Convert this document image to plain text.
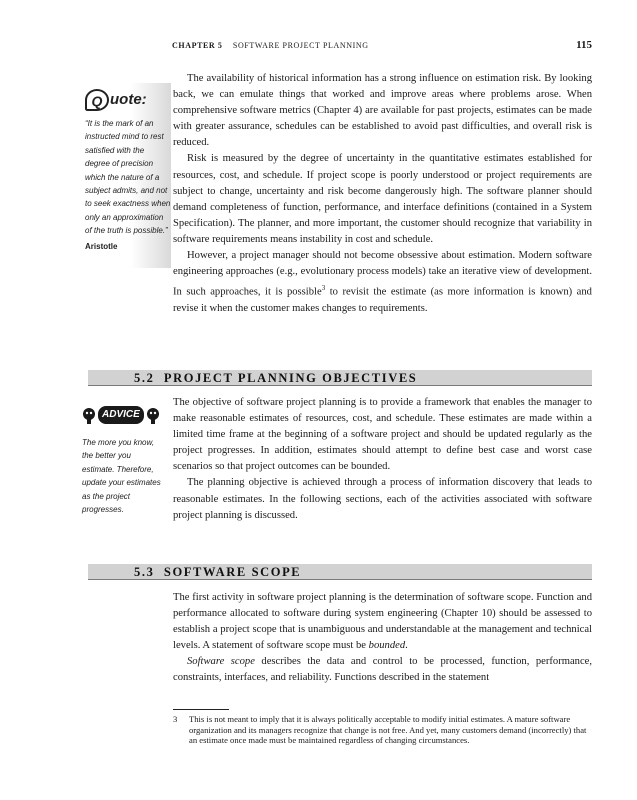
CHAPTER 5 SOFTWARE PROJECT PLANNING	115
Q uote:
“It is the mark of an instructed mind to rest satisfied with the degree of precision which the nature of a subject admits, and not to seek exactness when only an approximation of the truth is possible.”
Aristotle

The availability of historical information has a strong influence on estimation risk. By looking back, we can emulate things that worked and improve areas where problems arose. When comprehensive software metrics (Chapter 4) are available for past projects, estimates can be made with greater assurance, schedules can be established to avoid past difficulties, and overall risk is reduced.

Risk is measured by the degree of uncertainty in the quantitative estimates established for resources, cost, and schedule. If project scope is poorly understood or project requirements are subject to change, uncertainty and risk become dangerously high. The software planner should demand completeness of function, performance, and interface definitions (contained in a System Specification). The planner, and more important, the customer should recognize that variability in software requirements means instability in cost and schedule.

However, a project manager should not become obsessive about estimation. Modern software engineering approaches (e.g., evolutionary process models) take an iterative view of development. In such approaches, it is possible$^3$ to revisit the estimate (as more information is known) and revise it when the customer makes changes to requirements.

5.2 PROJECT PLANNING OBJECTIVES
ADVICE
The more you know, the better you estimate. Therefore, update your estimates as the project progresses.

The objective of software project planning is to provide a framework that enables the manager to make reasonable estimates of resources, cost, and schedule. These estimates are made within a limited time frame at the beginning of a software project and should be updated regularly as the project progresses. In addition, estimates should attempt to define best case and worst case scenarios so that project outcomes can be bounded.

The planning objective is achieved through a process of information discovery that leads to reasonable estimates. In the following sections, each of the activities associated with software project planning is discussed.

5.3 SOFTWARE SCOPE

The first activity in software project planning is the determination of software scope. Function and performance allocated to software during system engineering (Chapter 10) should be assessed to establish a project scope that is unambiguous and understandable at the management and technical levels. A statement of software scope must be bounded.

Software scope describes the data and control to be processed, function, performance, constraints, interfaces, and reliability. Functions described in the statement

3 This is not meant to imply that it is always politically acceptable to modify initial estimates. A mature software organization and its managers recognize that change is not free. And yet, many customers demand (incorrectly) that an estimate once made must be maintained regardless of changing circumstances.
